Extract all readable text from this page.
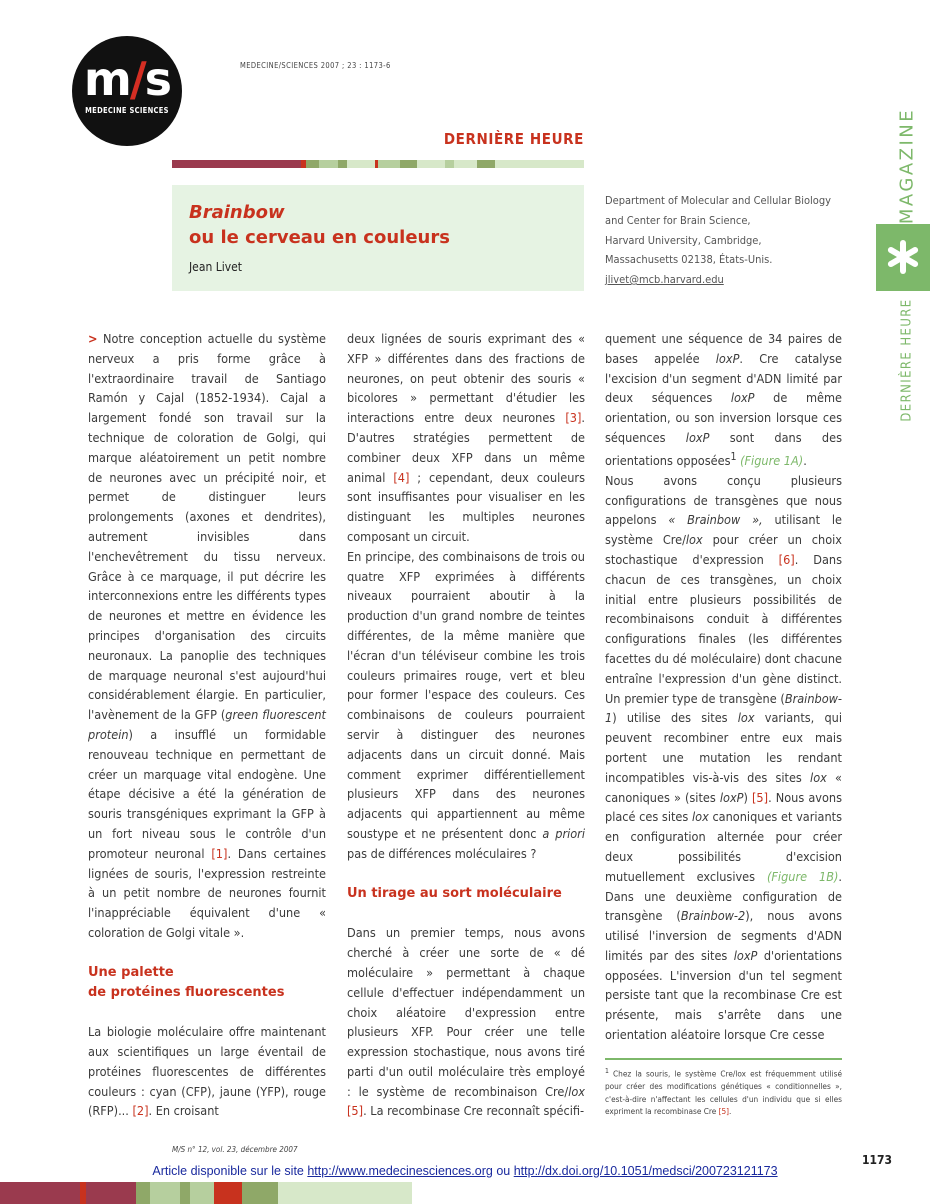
m/s
MEDECINE SCIENCES
MEDECINE/SCIENCES 2007 ; 23 : 1173-6
DERNIÈRE HEURE
Brainbow
ou le cerveau en couleurs
Jean Livet
Department of Molecular and Cellular Biology
and Center for Brain Science,
Harvard University, Cambridge,
Massachusetts 02138, États-Unis.
jlivet@mcb.harvard.edu
MAGAZINE
DERNIÈRE HEURE

> Notre conception actuelle du système nerveux a pris forme grâce à l'extraordinaire travail de Santiago Ramón y Cajal (1852-1934). Cajal a largement fondé son travail sur la technique de coloration de Golgi, qui marque aléatoirement un petit nombre de neurones avec un précipité noir, et permet de distinguer leurs prolongements (axones et dendrites), autrement invisibles dans l'enchevêtrement du tissu nerveux. Grâce à ce marquage, il put décrire les interconnexions entre les différents types de neurones et mettre en évidence les principes d'organisation des circuits neuronaux. La panoplie des techniques de marquage neuronal s'est aujourd'hui considérablement élargie. En particulier, l'avènement de la GFP (green fluorescent protein) a insufflé un formidable renouveau technique en permettant de créer un marquage vital endogène. Une étape décisive a été la génération de souris transgéniques exprimant la GFP à un fort niveau sous le contrôle d'un promoteur neuronal [1]. Dans certaines lignées de souris, l'expression restreinte à un petit nombre de neurones fournit l'inappréciable équivalent d'une « coloration de Golgi vitale ».

Une palette
de protéines fluorescentes

La biologie moléculaire offre maintenant aux scientifiques un large éventail de protéines fluorescentes de différentes couleurs : cyan (CFP), jaune (YFP), rouge (RFP)... [2]. En croisant

deux lignées de souris exprimant des « XFP » différentes dans des fractions de neurones, on peut obtenir des souris « bicolores » permettant d'étudier les interactions entre deux neurones [3]. D'autres stratégies permettent de combiner deux XFP dans un même animal [4] ; cependant, deux couleurs sont insuffisantes pour visualiser en les distinguant les multiples neurones composant un circuit.

En principe, des combinaisons de trois ou quatre XFP exprimées à différents niveaux pourraient aboutir à la production d'un grand nombre de teintes différentes, de la même manière que l'écran d'un téléviseur combine les trois couleurs primaires rouge, vert et bleu pour former l'espace des couleurs. Ces combinaisons de couleurs pourraient servir à distinguer des neurones adjacents dans un circuit donné. Mais comment exprimer différentiellement plusieurs XFP dans des neurones adjacents qui appartiennent au même soustype et ne présentent donc a priori pas de différences moléculaires ?

Un tirage au sort moléculaire

Dans un premier temps, nous avons cherché à créer une sorte de « dé moléculaire » permettant à chaque cellule d'effectuer indépendamment un choix aléatoire d'expression entre plusieurs XFP. Pour créer une telle expression stochastique, nous avons tiré parti d'un outil moléculaire très employé : le système de recombinaison Cre/lox [5]. La recombinase Cre reconnaît spécifi-

quement une séquence de 34 paires de bases appelée loxP. Cre catalyse l'excision d'un segment d'ADN limité par deux séquences loxP de même orientation, ou son inversion lorsque ces séquences loxP sont dans des orientations opposées$^1$ (Figure 1A).

Nous avons conçu plusieurs configurations de transgènes que nous appelons « Brainbow », utilisant le système Cre/lox pour créer un choix stochastique d'expression [6]. Dans chacun de ces transgènes, un choix initial entre plusieurs possibilités de recombinaisons conduit à différentes configurations finales (les différentes facettes du dé moléculaire) dont chacune entraîne l'expression d'un gène distinct. Un premier type de transgène (Brainbow-1) utilise des sites lox variants, qui peuvent recombiner entre eux mais portent une mutation les rendant incompatibles vis-à-vis des sites lox « canoniques » (sites loxP) [5]. Nous avons placé ces sites lox canoniques et variants en configuration alternée pour créer deux possibilités d'excision mutuellement exclusives (Figure 1B). Dans une deuxième configuration de transgène (Brainbow-2), nous avons utilisé l'inversion de segments d'ADN limités par des sites loxP d'orientations opposées. L'inversion d'un tel segment persiste tant que la recombinase Cre est présente, mais s'arrête dans une orientation aléatoire lorsque Cre cesse

$^1$ Chez la souris, le système Cre/lox est fréquemment utilisé pour créer des modifications génétiques « conditionnelles », c'est-à-dire n'affectant les cellules d'un individu que si elles expriment la recombinase Cre [5].
M/S n° 12, vol. 23, décembre 2007
1173
Article disponible sur le site http://www.medecinesciences.org ou http://dx.doi.org/10.1051/medsci/200723121173
